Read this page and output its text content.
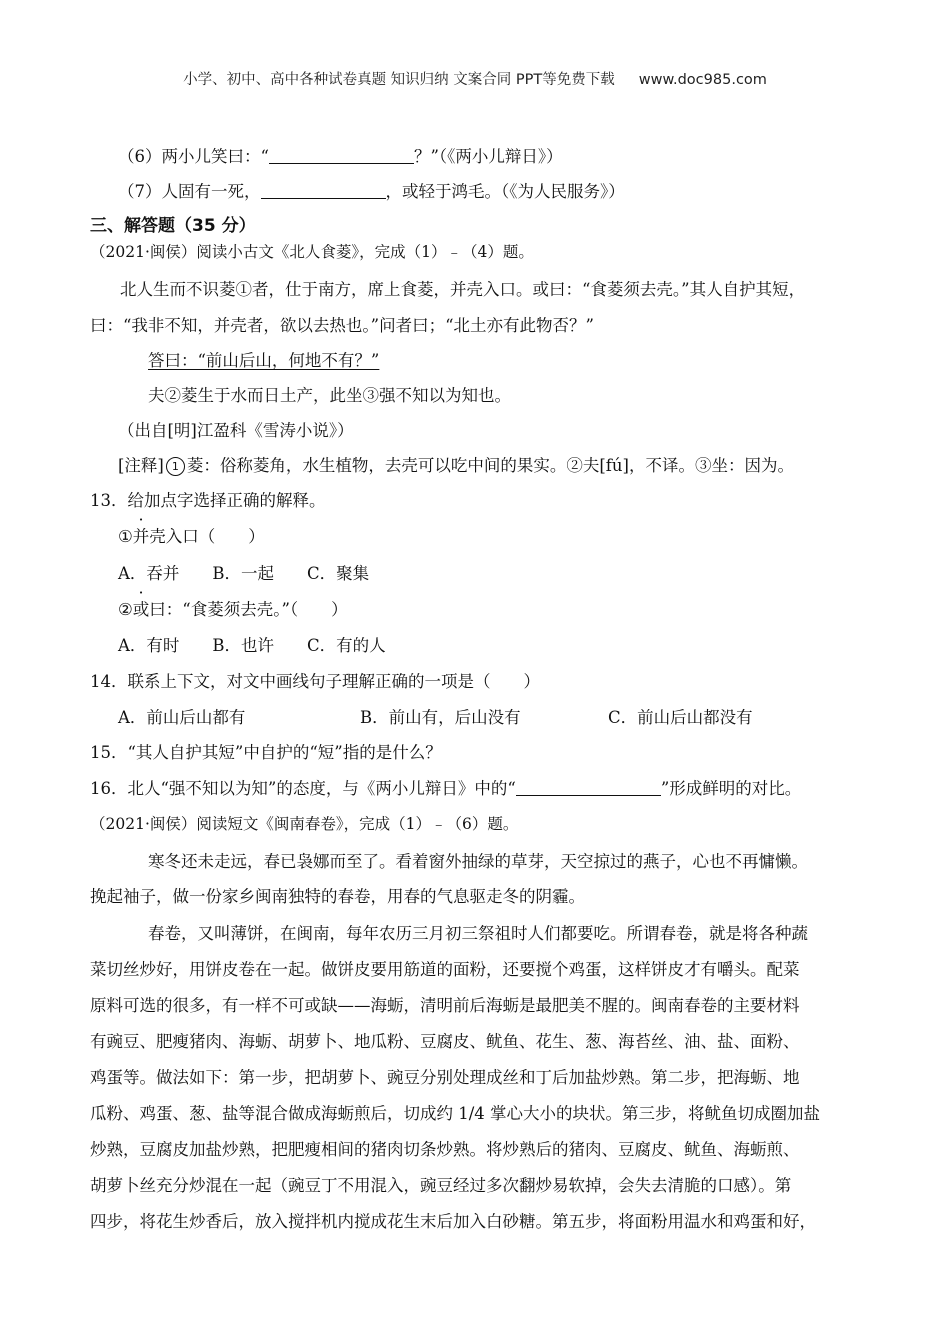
小学、初中、高中各种试卷真题 知识归纳 文案合同 PPT等免费下载 www.doc985.com
（6）两小儿笑曰：“	？”（《两小儿辩日》）
（7）人固有一死，	，或轻于鸿毛。（《为人民服务》）
三、解答题（35 分）
（2021·闽侯）阅读小古文《北人食菱》，完成（1）﹣（4）题。
北人生而不识菱①者，仕于南方，席上食菱，并壳入口。或曰：“食菱须去壳。”其人自护其短，
曰：“我非不知，并壳者，欲以去热也。”问者曰；“北土亦有此物否？”
答曰：“前山后山，何地不有？”
夫②菱生于水而日土产，此坐③强不知以为知也。
（出自[明]江盈科《雪涛小说》）
[注释] 1 菱：俗称菱角，水生植物，去壳可以吃中间的果实。②夫[fú]，不译。③坐：因为。
13．给加点字选择正确的解释。
①并壳入口（　　）
A．吞并　　B．一起　　C．聚集
②或曰：“食菱须去壳。”（　　）
A．有时　　B．也许　　C．有的人
14．联系上下文，对文中画线句子理解正确的一项是（　　）
A．前山后山都有	B．前山有，后山没有	C．前山后山都没有
15．“其人自护其短”中自护的“短”指的是什么？
16．北人“强不知以为知”的态度，与《两小儿辩日》中的“	”形成鲜明的对比。
（2021·闽侯）阅读短文《闽南春卷》，完成（1）﹣（6）题。
寒冬还未走远，春已袅娜而至了。看着窗外抽绿的草芽，天空掠过的燕子，心也不再慵懒。
挽起袖子，做一份家乡闽南独特的春卷，用春的气息驱走冬的阴霾。
春卷，又叫薄饼，在闽南，每年农历三月初三祭祖时人们都要吃。所谓春卷，就是将各种蔬
菜切丝炒好，用饼皮卷在一起。做饼皮要用筋道的面粉，还要搅个鸡蛋，这样饼皮才有嚼头。配菜
原料可选的很多，有一样不可或缺——海蛎，清明前后海蛎是最肥美不腥的。闽南春卷的主要材料
有豌豆、肥瘦猪肉、海蛎、胡萝卜、地瓜粉、豆腐皮、鱿鱼、花生、葱、海苔丝、油、盐、面粉、
鸡蛋等。做法如下：第一步，把胡萝卜、豌豆分别处理成丝和丁后加盐炒熟。第二步，把海蛎、地
瓜粉、鸡蛋、葱、盐等混合做成海蛎煎后，切成约 1/4 掌心大小的块状。第三步，将鱿鱼切成圈加盐
炒熟，豆腐皮加盐炒熟，把肥瘦相间的猪肉切条炒熟。将炒熟后的猪肉、豆腐皮、鱿鱼、海蛎煎、
胡萝卜丝充分炒混在一起（豌豆丁不用混入，豌豆经过多次翻炒易软掉，会失去清脆的口感）。第
四步，将花生炒香后，放入搅拌机内搅成花生末后加入白砂糖。第五步，将面粉用温水和鸡蛋和好，
